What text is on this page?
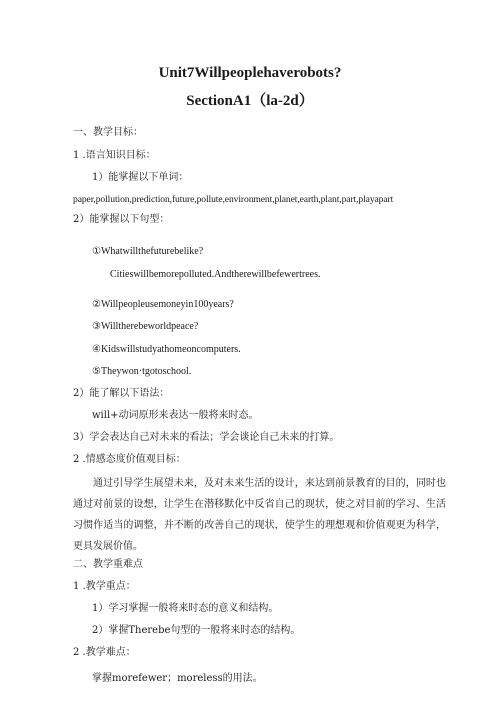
Unit7Willpeoplehaverobots?
SectionA1（la-2d）
一、教学目标：
1 .语言知识目标：
1）能掌握以下单词：
paper,pollution,prediction,future,pollute,environment,planet,earth,plant,part,playapart
2）能掌握以下句型：
①Whatwillthefuturebelike?
Citieswillbemorepolluted.Andtherewillbefewertrees.
②Willpeopleusemoneyin100years?
③Willtherebeworldpeace?
④Kidswillstudyathomeoncomputers.
⑤Theywon·tgotoschool.
2）能了解以下语法：
will+动词原形来表达一般将来时态。
3）学会表达自己对未来的看法；学会谈论自己未来的打算。
2 .情感态度价值观目标：
通过引导学生展望未来，及对未来生活的设计，来达到前景教育的目的，同时也通过对前景的设想，让学生在潜移默化中反省自己的现状，使之对目前的学习、生活习惯作适当的调整，并不断的改善自己的现状，使学生的理想观和价值观更为科学，更具发展价值。
二、教学重难点
1 .教学重点：
1）学习掌握一般将来时态的意义和结构。
2）掌握Therebe句型的一般将来时态的结构。
2 .教学难点：
掌握morefewer；moreless的用法。
